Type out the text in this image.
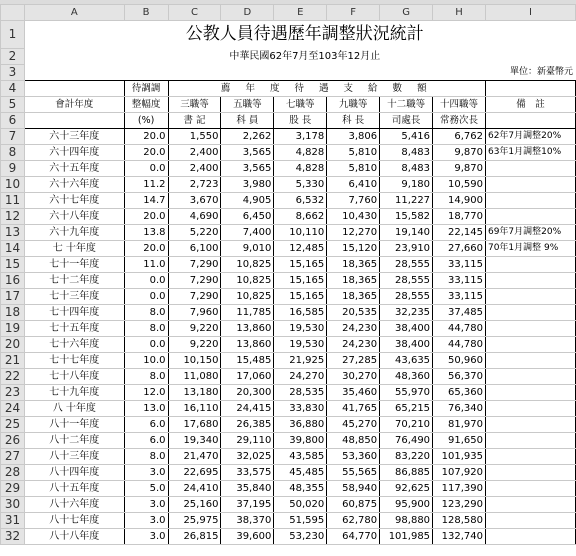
	A	B	C	D	E	F	G	H	I
1		公教人員待遇歷年調整狀況統計							
2		中華民國62年7月至103年12月止							
3									單位：新臺幣元
4		待調調	薦 年 度 待 遇 支 給 數 額						
5	會計年度	整幅度	三職等	五職等	七職等	九職等	十二職等	十四職等	備　註
6		(%)	書 記	科 員	股 長	科 長	司處長	常務次長	
7	六十三年度	20.0	1,550	2,262	3,178	3,806	5,416	6,762	62年7月調整20%
8	六十四年度	20.0	2,400	3,565	4,828	5,810	8,483	9,870	63年1月調整10%
9	六十五年度	0.0	2,400	3,565	4,828	5,810	8,483	9,870	
10	六十六年度	11.2	2,723	3,980	5,330	6,410	9,180	10,590	
11	六十七年度	14.7	3,670	4,905	6,532	7,760	11,227	14,900	
12	六十八年度	20.0	4,690	6,450	8,662	10,430	15,582	18,770	
13	六十九年度	13.8	5,220	7,400	10,110	12,270	19,140	22,145	69年7月調整20%
14	七 十年度	20.0	6,100	9,010	12,485	15,120	23,910	27,660	70年1月調整 9%
15	七十一年度	11.0	7,290	10,825	15,165	18,365	28,555	33,115	
16	七十二年度	0.0	7,290	10,825	15,165	18,365	28,555	33,115	
17	七十三年度	0.0	7,290	10,825	15,165	18,365	28,555	33,115	
18	七十四年度	8.0	7,960	11,785	16,585	20,535	32,235	37,485	
19	七十五年度	8.0	9,220	13,860	19,530	24,230	38,400	44,780	
20	七十六年度	0.0	9,220	13,860	19,530	24,230	38,400	44,780	
21	七十七年度	10.0	10,150	15,485	21,925	27,285	43,635	50,960	
22	七十八年度	8.0	11,080	17,060	24,270	30,270	48,360	56,370	
23	七十九年度	12.0	13,180	20,300	28,535	35,460	55,970	65,360	
24	八 十年度	13.0	16,110	24,415	33,830	41,765	65,215	76,340	
25	八十一年度	6.0	17,680	26,385	36,880	45,270	70,210	81,970	
26	八十二年度	6.0	19,340	29,110	39,800	48,850	76,490	91,650	
27	八十三年度	8.0	21,470	32,025	43,585	53,360	83,220	101,935	
28	八十四年度	3.0	22,695	33,575	45,485	55,565	86,885	107,920	
29	八十五年度	5.0	24,410	35,840	48,355	58,940	92,625	117,390	
30	八十六年度	3.0	25,160	37,195	50,020	60,875	95,900	123,290	
31	八十七年度	3.0	25,975	38,370	51,595	62,780	98,880	128,580	
32	八十八年度	3.0	26,815	39,600	53,230	64,770	101,985	132,740	
